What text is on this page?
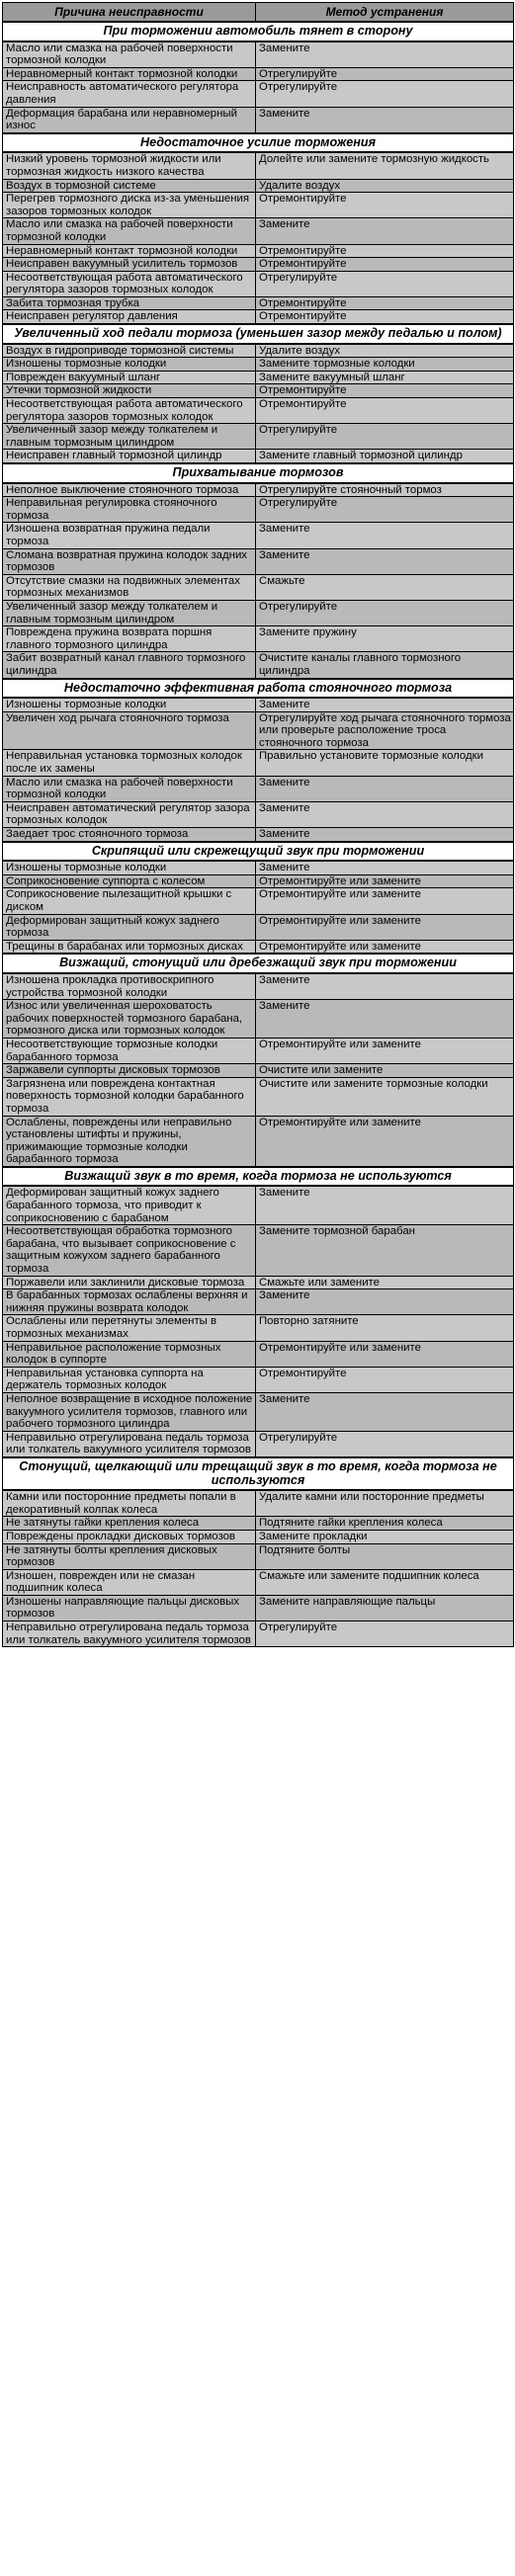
Причина неисправности	Метод устранения
При торможении автомобиль тянет в сторону	
Масло или смазка на рабочей поверхности тормозной колодки	Замените
Неравномерный контакт тормозной колодки	Отрегулируйте
Неисправность автоматического регулятора давления	Отрегулируйте
Деформация барабана или неравномерный износ	Замените
Недостаточное усилие торможения	
Низкий уровень тормозной жидкости или тормозная жидкость низкого качества	Долейте или замените тормозную жидкость
Воздух в тормозной системе	Удалите воздух
Перегрев тормозного диска из-за уменьшения зазоров тормозных колодок	Отремонтируйте
Масло или смазка на рабочей поверхности тормозной колодки	Замените
Неравномерный контакт тормозной колодки	Отремонтируйте
Неисправен вакуумный усилитель тормозов	Отремонтируйте
Несоответствующая работа автоматического регулятора зазоров тормозных колодок	Отрегулируйте
Забита тормозная трубка	Отремонтируйте
Неисправен регулятор давления	Отремонтируйте
Увеличенный ход педали тормоза (уменьшен зазор между педалью и полом)	
Воздух в гидроприводе тормозной системы	Удалите воздух
Изношены тормозные колодки	Замените тормозные колодки
Поврежден вакуумный шланг	Замените вакуумный шланг
Утечки тормозной жидкости	Отремонтируйте
Несоответствующая работа автоматического регулятора зазоров тормозных колодок	Отремонтируйте
Увеличенный зазор между толкателем и главным тормозным цилиндром	Отрегулируйте
Неисправен главный тормозной цилиндр	Замените главный тормозной цилиндр
Прихватывание тормозов	
Неполное выключение стояночного тормоза	Отрегулируйте стояночный тормоз
Неправильная регулировка стояночного тормоза	Отрегулируйте
Изношена возвратная пружина педали тормоза	Замените
Сломана возвратная пружина колодок задних тормозов	Замените
Отсутствие смазки на подвижных элементах тормозных механизмов	Смажьте
Увеличенный зазор между толкателем и главным тормозным цилиндром	Отрегулируйте
Повреждена пружина возврата поршня главного тормозного цилиндра	Замените пружину
Забит возвратный канал главного тормозного цилиндра	Очистите каналы главного тормозного цилиндра
Недостаточно эффективная работа стояночного тормоза	
Изношены тормозные колодки	Замените
Увеличен ход рычага стояночного тормоза	Отрегулируйте ход рычага стояночного тормоза или проверьте расположение троса стояночного тормоза
Неправильная установка тормозных колодок после их замены	Правильно установите тормозные колодки
Масло или смазка на рабочей поверхности тормозной колодки	Замените
Неисправен автоматический регулятор зазора тормозных колодок	Замените
Заедает трос стояночного тормоза	Замените
Скрипящий или скрежещущий звук при торможении	
Изношены тормозные колодки	Замените
Соприкосновение суппорта с колесом	Отремонтируйте или замените
Соприкосновение пылезащитной крышки с диском	Отремонтируйте или замените
Деформирован защитный кожух заднего тормоза	Отремонтируйте или замените
Трещины в барабанах или тормозных дисках	Отремонтируйте или замените
Визжащий, стонущий или дребезжащий звук при торможении	
Изношена прокладка противоскрипного устройства тормозной колодки	Замените
Износ или увеличенная шероховатость рабочих поверхностей тормозного барабана, тормозного диска или тормозных колодок	Замените
Несоответствующие тормозные колодки барабанного тормоза	Отремонтируйте или замените
Заржавели суппорты дисковых тормозов	Очистите или замените
Загрязнена или повреждена контактная поверхность тормозной колодки барабанного тормоза	Очистите или замените тормозные колодки
Ослаблены, повреждены или неправильно установлены штифты и пружины, прижимающие тормозные колодки барабанного тормоза	Отремонтируйте или замените
Визжащий звук в то время, когда тормоза не используются	
Деформирован защитный кожух заднего барабанного тормоза, что приводит к соприкосновению с барабаном	Замените
Несоответствующая обработка тормозного барабана, что вызывает соприкосновение с защитным кожухом заднего барабанного тормоза	Замените тормозной барабан
Поржавели или заклинили дисковые тормоза	Смажьте или замените
В барабанных тормозах ослаблены верхняя и нижняя пружины возврата колодок	Замените
Ослаблены или перетянуты элементы в тормозных механизмах	Повторно затяните
Неправильное расположение тормозных колодок в суппорте	Отремонтируйте или замените
Неправильная установка суппорта на держатель тормозных колодок	Отремонтируйте
Неполное возвращение в исходное положение вакуумного усилителя тормозов, главного или рабочего тормозного цилиндра	Замените
Неправильно отрегулирована педаль тормоза или толкатель вакуумного усилителя тормозов	Отрегулируйте
Стонущий, щелкающий или трещащий звук в то время, когда тормоза не используются	
Камни или посторонние предметы попали в декоративный колпак колеса	Удалите камни или посторонние предметы
Не затянуты гайки крепления колеса	Подтяните гайки крепления колеса
Повреждены прокладки дисковых тормозов	Замените прокладки
Не затянуты болты крепления дисковых тормозов	Подтяните болты
Изношен, поврежден или не смазан подшипник колеса	Смажьте или замените подшипник колеса
Изношены направляющие пальцы дисковых тормозов	Замените направляющие пальцы
Неправильно отрегулирована педаль тормоза или толкатель вакуумного усилителя тормозов	Отрегулируйте
